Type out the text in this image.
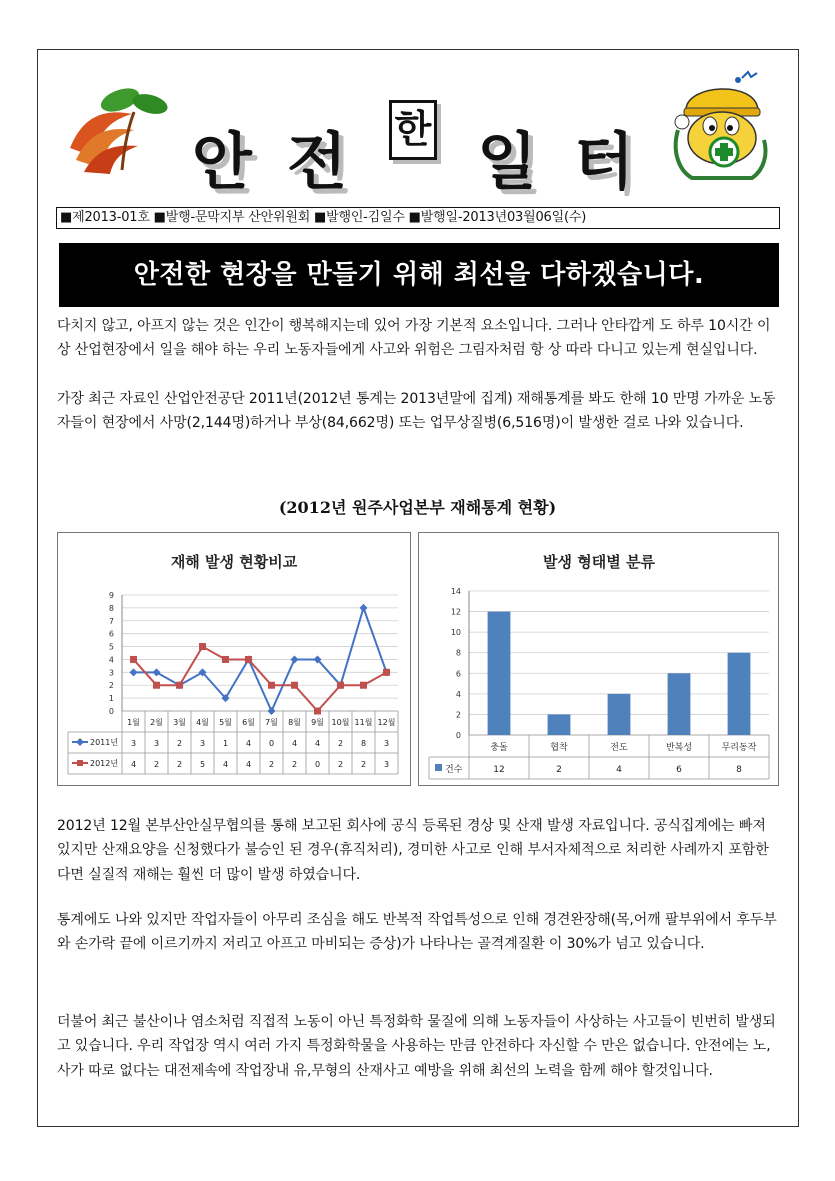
안 전 한 일 터
■제2013-01호 ■발행-문막지부 산안위원회 ■발행인-김일수 ■발행일-2013년03월06일(수)
안전한 현장을 만들기 위해 최선을 다하겠습니다.
다치지 않고, 아프지 않는 것은 인간이 행복해지는데 있어 가장 기본적 요소입니다. 그러나 안타깝게 도 하루 10시간 이상 산업현장에서 일을 해야 하는 우리 노동자들에게 사고와 위험은 그림자처럼 항 상 따라 다니고 있는게 현실입니다.
가장 최근 자료인 산업안전공단 2011년(2012년 통계는 2013년말에 집계) 재해통계를 봐도 한해 10 만명 가까운 노동자들이 현장에서 사망(2,144명)하거나 부상(84,662명) 또는 업무상질병(6,516명)이 발생한 걸로 나와 있습니다.
(2012년 원주사업본부 재해통계 현황)
재해 발생 현황비교
0
1
2
3
4
5
6
7
8
9
1월 2월 3월 4월 5월 6월 7월 8월 9월 10월 11월 12월
2011년 3 3 2 3 1 4 0 4 4 2 8 3
2012년 4 2 2 5 4 4 2 2 0 2 2 3
발생 형태별 분류
0
2
4
6
8
10
12
14
충돌	협착	전도	반복성	무리동작
건수	12	2	4	6	8
2012년 12월 본부산안실무협의를 통해 보고된 회사에 공식 등록된 경상 및 산재 발생 자료입니다. 공식집계에는 빠져 있지만 산재요양을 신청했다가 불승인 된 경우(휴직처리), 경미한 사고로 인해 부서자체적으로 처리한 사례까지 포함한다면 실질적 재해는 훨씬 더 많이 발생 하였습니다.
통계에도 나와 있지만 작업자들이 아무리 조심을 해도 반복적 작업특성으로 인해 경견완장해(목,어깨 팔부위에서 후두부와 손가락 끝에 이르기까지 저리고 아프고 마비되는 증상)가 나타나는 골격계질환 이 30%가 넘고 있습니다.
더불어 최근 불산이나 염소처럼 직접적 노동이 아닌 특정화학 물질에 의해 노동자들이 사상하는 사고들이 빈번히 발생되고 있습니다. 우리 작업장 역시 여러 가지 특정화학물을 사용하는 만큼 안전하다 자신할 수 만은 없습니다. 안전에는 노,사가 따로 없다는 대전제속에 작업장내 유,무형의 산재사고 예방을 위해 최선의 노력을 함께 해야 할것입니다.
